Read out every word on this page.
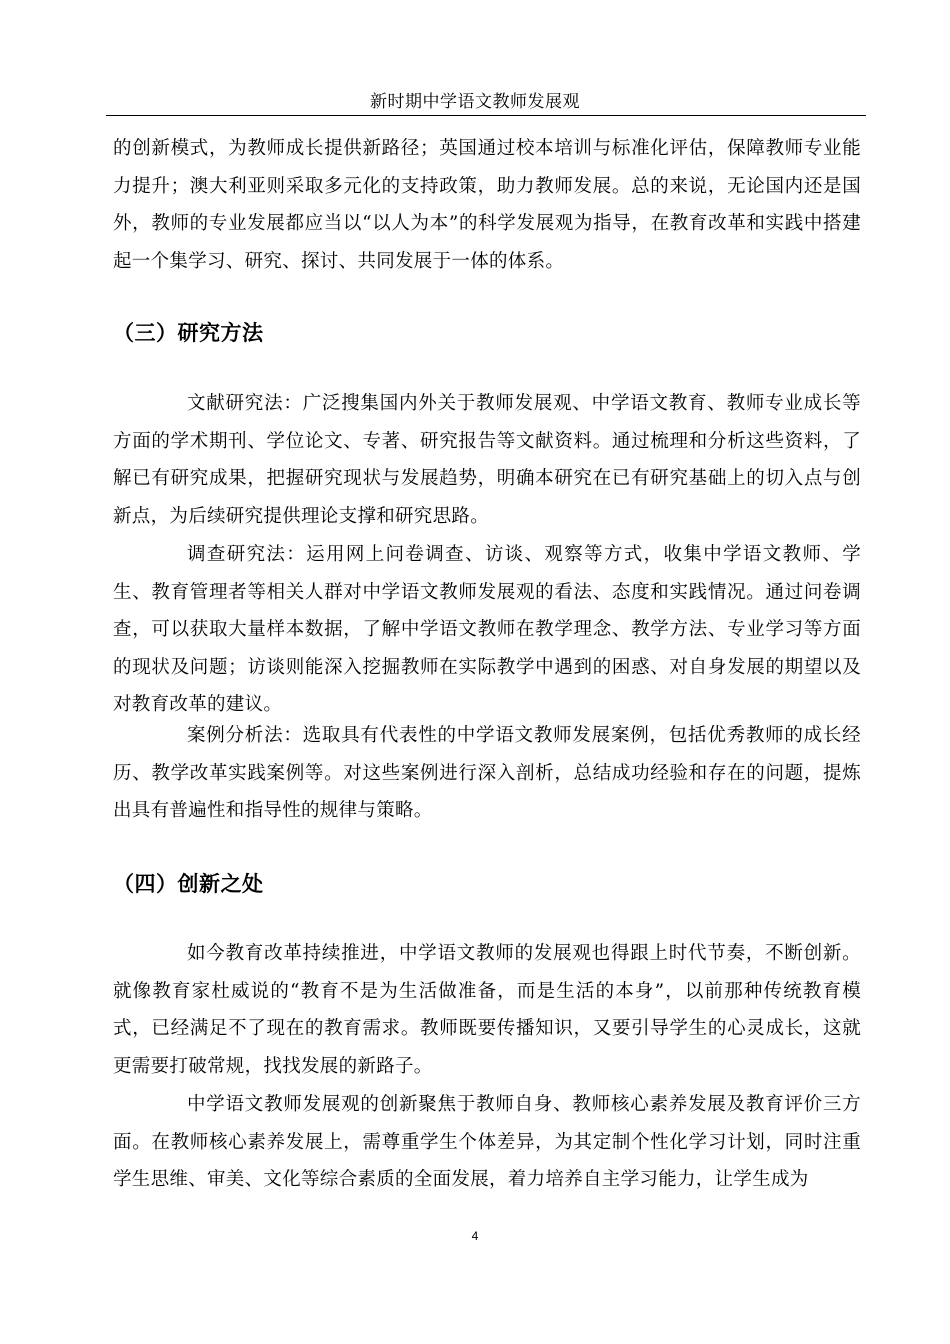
新时期中学语文教师发展观

的创新模式，为教师成长提供新路径；英国通过校本培训与标准化评估，保障教师专业能力提升；澳大利亚则采取多元化的支持政策，助力教师发展。总的来说，无论国内还是国外，教师的专业发展都应当以“以人为本”的科学发展观为指导，在教育改革和实践中搭建起一个集学习、研究、探讨、共同发展于一体的体系。

（三）研究方法

文献研究法：广泛搜集国内外关于教师发展观、中学语文教育、教师专业成长等方面的学术期刊、学位论文、专著、研究报告等文献资料。通过梳理和分析这些资料，了解已有研究成果，把握研究现状与发展趋势，明确本研究在已有研究基础上的切入点与创新点，为后续研究提供理论支撑和研究思路。

调查研究法：运用网上问卷调查、访谈、观察等方式，收集中学语文教师、学生、教育管理者等相关人群对中学语文教师发展观的看法、态度和实践情况。通过问卷调查，可以获取大量样本数据，了解中学语文教师在教学理念、教学方法、专业学习等方面的现状及问题；访谈则能深入挖掘教师在实际教学中遇到的困惑、对自身发展的期望以及对教育改革的建议。

案例分析法：选取具有代表性的中学语文教师发展案例，包括优秀教师的成长经历、教学改革实践案例等。对这些案例进行深入剖析，总结成功经验和存在的问题，提炼出具有普遍性和指导性的规律与策略。

（四）创新之处

如今教育改革持续推进，中学语文教师的发展观也得跟上时代节奏，不断创新。就像教育家杜威说的“教育不是为生活做准备，而是生活的本身”，以前那种传统教育模式，已经满足不了现在的教育需求。教师既要传播知识，又要引导学生的心灵成长，这就更需要打破常规，找找发展的新路子。

中学语文教师发展观的创新聚焦于教师自身、教师核心素养发展及教育评价三方面。在教师核心素养发展上，需尊重学生个体差异，为其定制个性化学习计划，同时注重学生思维、审美、文化等综合素质的全面发展，着力培养自主学习能力，让学生成为

4
